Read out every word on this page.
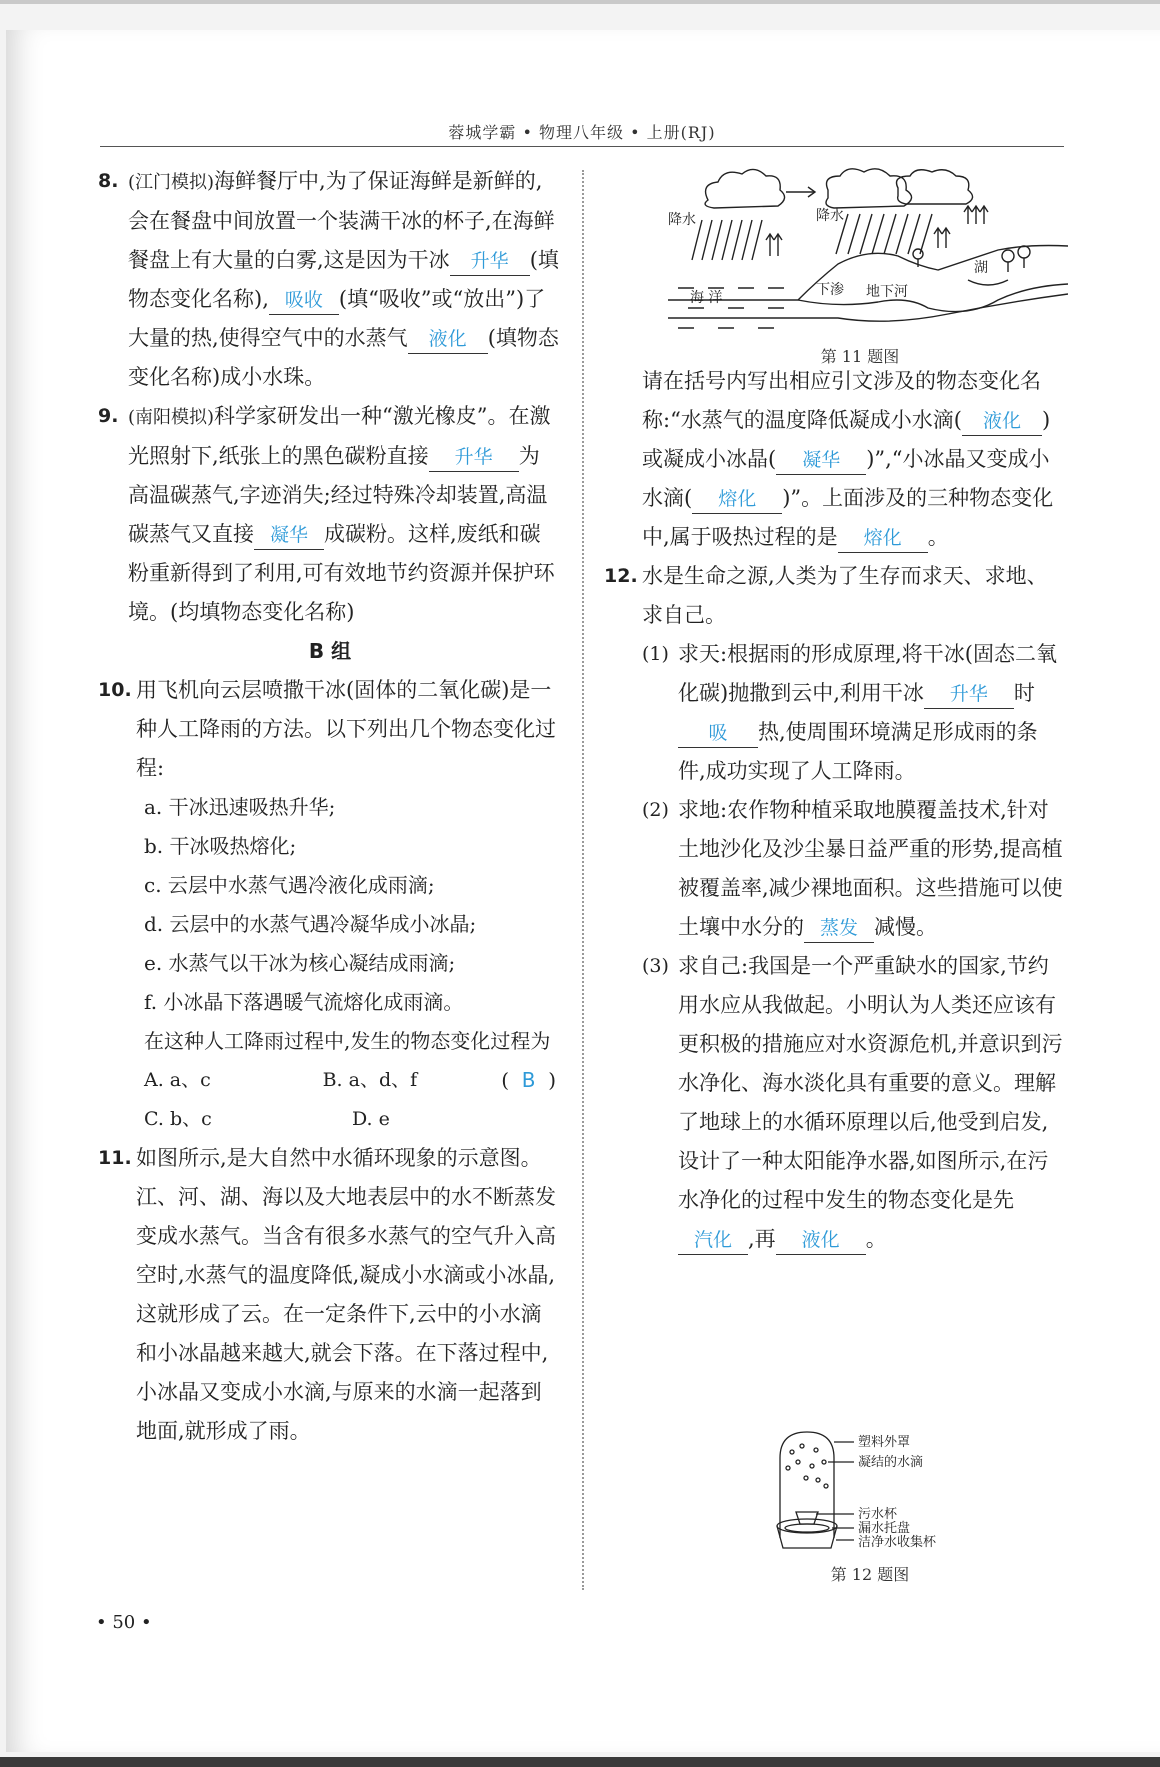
蓉城学霸 • 物理八年级 • 上册(RJ)
8. (江门模拟)海鲜餐厅中,为了保证海鲜是新鲜的,会在餐盘中间放置一个装满干冰的杯子,在海鲜餐盘上有大量的白雾,这是因为干冰 升华 (填物态变化名称), 吸收 (填“吸收”或“放出”)了大量的热,使得空气中的水蒸气 液化 (填物态变化名称)成小水珠。
9. (南阳模拟)科学家研发出一种“激光橡皮”。在激光照射下,纸张上的黑色碳粉直接 升华 为高温碳蒸气,字迹消失;经过特殊冷却装置,高温碳蒸气又直接 凝华 成碳粉。这样,废纸和碳粉重新得到了利用,可有效地节约资源并保护环境。(均填物态变化名称)
B 组
10. 用飞机向云层喷撒干冰(固体的二氧化碳)是一种人工降雨的方法。以下列出几个物态变化过程:
a. 干冰迅速吸热升华;
b. 干冰吸热熔化;
c. 云层中水蒸气遇冷液化成雨滴;
d. 云层中的水蒸气遇冷凝华成小冰晶;
e. 水蒸气以干冰为核心凝结成雨滴;
f. 小冰晶下落遇暖气流熔化成雨滴。
在这种人工降雨过程中,发生的物态变化过程为
( B )
A. a、c	B. a、d、f
C. b、c	D. e
11. 如图所示,是大自然中水循环现象的示意图。江、河、湖、海以及大地表层中的水不断蒸发变成水蒸气。当含有很多水蒸气的空气升入高空时,水蒸气的温度降低,凝成小水滴或小冰晶,这就形成了云。在一定条件下,云中的小水滴和小冰晶越来越大,就会下落。在下落过程中,小冰晶又变成小水滴,与原来的水滴一起落到地面,就形成了雨。
降水	降水
海 洋	下渗 地下河
湖
第 11 题图
请在括号内写出相应引文涉及的物态变化名称:“水蒸气的温度降低凝成小水滴( 液化 )或凝成小冰晶( 凝华 )”,“小冰晶又变成小水滴( 熔化 )”。上面涉及的三种物态变化中,属于吸热过程的是 熔化 。
12. 水是生命之源,人类为了生存而求天、求地、求自己。
(1) 求天:根据雨的形成原理,将干冰(固态二氧化碳)抛撒到云中,利用干冰 升华 时吸 热,使周围环境满足形成雨的条件,成功实现了人工降雨。
(2) 求地:农作物种植采取地膜覆盖技术,针对土地沙化及沙尘暴日益严重的形势,提高植被覆盖率,减少裸地面积。这些措施可以使土壤中水分的 蒸发 减慢。
(3) 求自己:我国是一个严重缺水的国家,节约用水应从我做起。小明认为人类还应该有更积极的措施应对水资源危机,并意识到污水净化、海水淡化具有重要的意义。理解了地球上的水循环原理以后,他受到启发,设计了一种太阳能净水器,如图所示,在污水净化的过程中发生的物态变化是先汽化 ,再 液化 。
塑料外罩
凝结的水滴
污水杯
漏水托盘
洁净水收集杯
第 12 题图
• 50 •
